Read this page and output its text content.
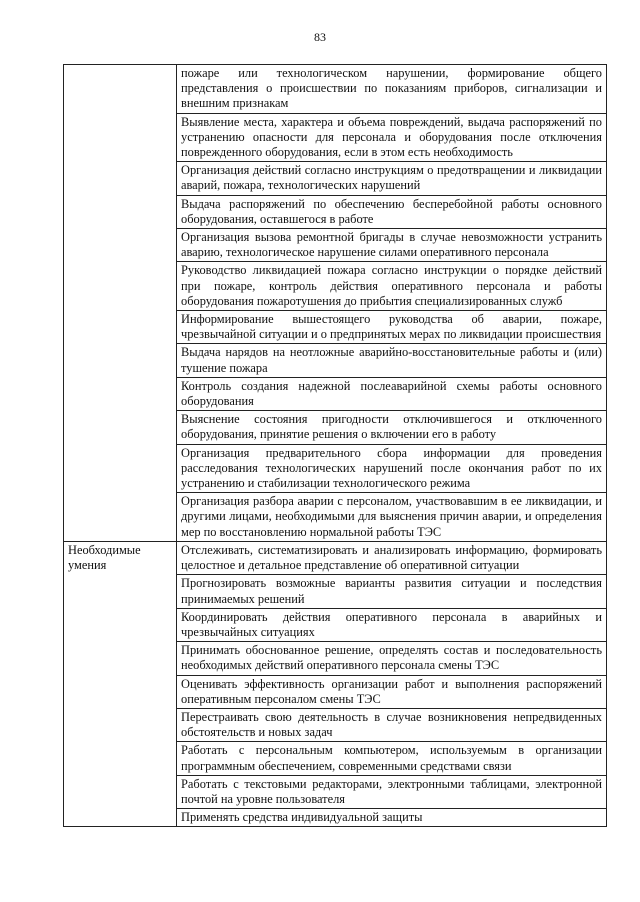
83
	пожаре или технологическом нарушении, формирование общего представления о происшествии по показаниям приборов, сигнализации и внешним признакам
	Выявление места, характера и объема повреждений, выдача распоряжений по устранению опасности для персонала и оборудования после отключения поврежденного оборудования, если в этом есть необходимость
	Организация действий согласно инструкциям о предотвращении и ликвидации аварий, пожара, технологических нарушений
	Выдача распоряжений по обеспечению бесперебойной работы основного оборудования, оставшегося в работе
	Организация вызова ремонтной бригады в случае невозможности устранить аварию, технологическое нарушение силами оперативного персонала
	Руководство ликвидацией пожара согласно инструкции о порядке действий при пожаре, контроль действия оперативного персонала и работы оборудования пожаротушения до прибытия специализированных служб
	Информирование вышестоящего руководства об аварии, пожаре, чрезвычайной ситуации и о предпринятых мерах по ликвидации происшествия
	Выдача нарядов на неотложные аварийно-восстановительные работы и (или) тушение пожара
	Контроль создания надежной послеаварийной схемы работы основного оборудования
	Выяснение состояния пригодности отключившегося и отключенного оборудования, принятие решения о включении его в работу
	Организация предварительного сбора информации для проведения расследования технологических нарушений после окончания работ по их устранению и стабилизации технологического режима
	Организация разбора аварии с персоналом, участвовавшим в ее ликвидации, и другими лицами, необходимыми для выяснения причин аварии, и определения мер по восстановлению нормальной работы ТЭС
Необходимые умения	Отслеживать, систематизировать и анализировать информацию, формировать целостное и детальное представление об оперативной ситуации
	Прогнозировать возможные варианты развития ситуации и последствия принимаемых решений
	Координировать действия оперативного персонала в аварийных и чрезвычайных ситуациях
	Принимать обоснованное решение, определять состав и последовательность необходимых действий оперативного персонала смены ТЭС
	Оценивать эффективность организации работ и выполнения распоряжений оперативным персоналом смены ТЭС
	Перестраивать свою деятельность в случае возникновения непредвиденных обстоятельств и новых задач
	Работать с персональным компьютером, используемым в организации программным обеспечением, современными средствами связи
	Работать с текстовыми редакторами, электронными таблицами, электронной почтой на уровне пользователя
	Применять средства индивидуальной защиты
